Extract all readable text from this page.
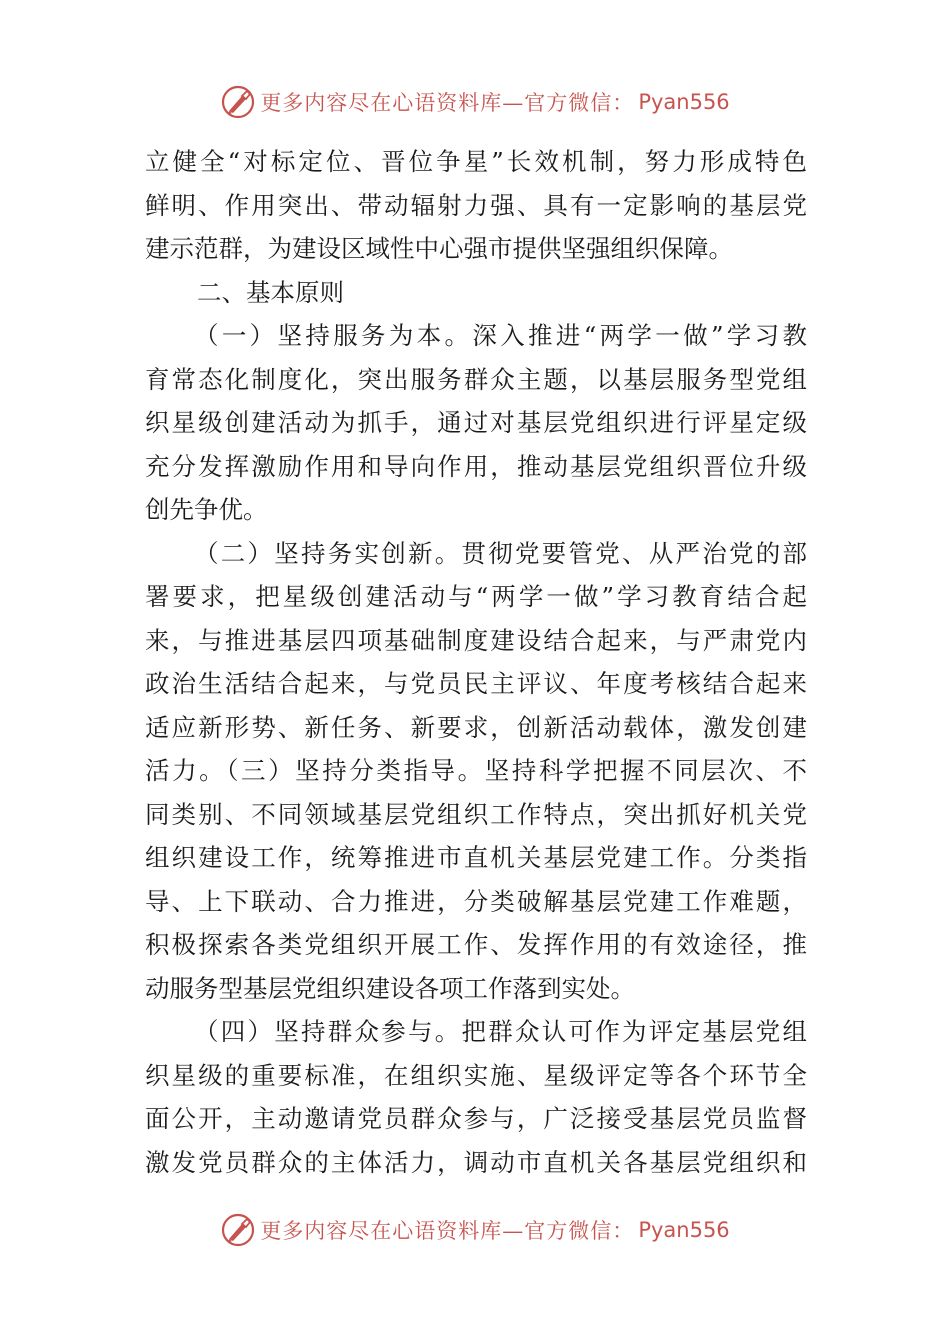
更多内容尽在心语资料库—官方微信： Pyan556
立健全“对标定位、晋位争星”长效机制，努力形成特色
鲜明、作用突出、带动辐射力强、具有一定影响的基层党
建示范群，为建设区域性中心强市提供坚强组织保障。
二、基本原则
（一）坚持服务为本。深入推进“两学一做”学习教
育常态化制度化，突出服务群众主题，以基层服务型党组
织星级创建活动为抓手，通过对基层党组织进行评星定级
充分发挥激励作用和导向作用，推动基层党组织晋位升级
创先争优。
（二）坚持务实创新。贯彻党要管党、从严治党的部
署要求，把星级创建活动与“两学一做”学习教育结合起
来，与推进基层四项基础制度建设结合起来，与严肃党内
政治生活结合起来，与党员民主评议、年度考核结合起来
适应新形势、新任务、新要求，创新活动载体，激发创建
活力。（三）坚持分类指导。坚持科学把握不同层次、不
同类别、不同领域基层党组织工作特点，突出抓好机关党
组织建设工作，统筹推进市直机关基层党建工作。分类指
导、上下联动、合力推进，分类破解基层党建工作难题，
积极探索各类党组织开展工作、发挥作用的有效途径，推
动服务型基层党组织建设各项工作落到实处。
（四）坚持群众参与。把群众认可作为评定基层党组
织星级的重要标准，在组织实施、星级评定等各个环节全
面公开，主动邀请党员群众参与，广泛接受基层党员监督
激发党员群众的主体活力，调动市直机关各基层党组织和
更多内容尽在心语资料库—官方微信： Pyan556
